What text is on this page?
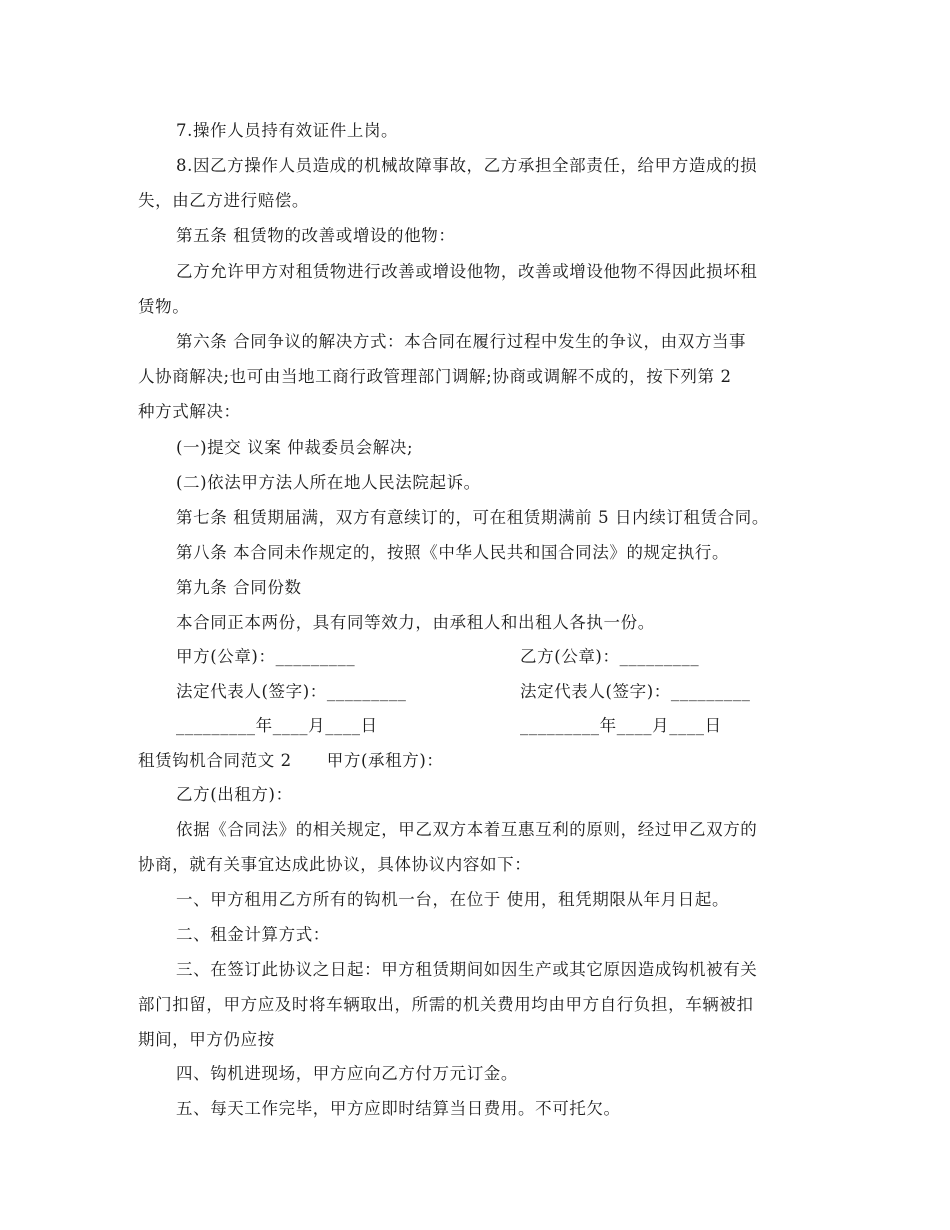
7.操作人员持有效证件上岗。
8.因乙方操作人员造成的机械故障事故，乙方承担全部责任，给甲方造成的损
失，由乙方进行赔偿。
第五条 租赁物的改善或增设的他物：
乙方允许甲方对租赁物进行改善或增设他物，改善或增设他物不得因此损坏租
赁物。
第六条 合同争议的解决方式：本合同在履行过程中发生的争议，由双方当事
人协商解决;也可由当地工商行政管理部门调解;协商或调解不成的，按下列第 2
种方式解决：
(一)提交 议案 仲裁委员会解决;
(二)依法甲方法人所在地人民法院起诉。
第七条 租赁期届满，双方有意续订的，可在租赁期满前 5 日内续订租赁合同。
第八条 本合同未作规定的，按照《中华人民共和国合同法》的规定执行。
第九条 合同份数
本合同正本两份，具有同等效力，由承租人和出租人各执一份。
甲方(公章)：_________	乙方(公章)：_________
法定代表人(签字)：_________	法定代表人(签字)：_________
_________年____月____日	_________年____月____日
租赁钩机合同范文 2      甲方(承租方)：
乙方(出租方)：
依据《合同法》的相关规定，甲乙双方本着互惠互利的原则，经过甲乙双方的
协商，就有关事宜达成此协议，具体协议内容如下：
一、甲方租用乙方所有的钩机一台，在位于 使用，租凭期限从年月日起。
二、租金计算方式：
三、在签订此协议之日起：甲方租赁期间如因生产或其它原因造成钩机被有关
部门扣留，甲方应及时将车辆取出，所需的机关费用均由甲方自行负担，车辆被扣
期间，甲方仍应按
四、钩机进现场，甲方应向乙方付万元订金。
五、每天工作完毕，甲方应即时结算当日费用。不可托欠。
